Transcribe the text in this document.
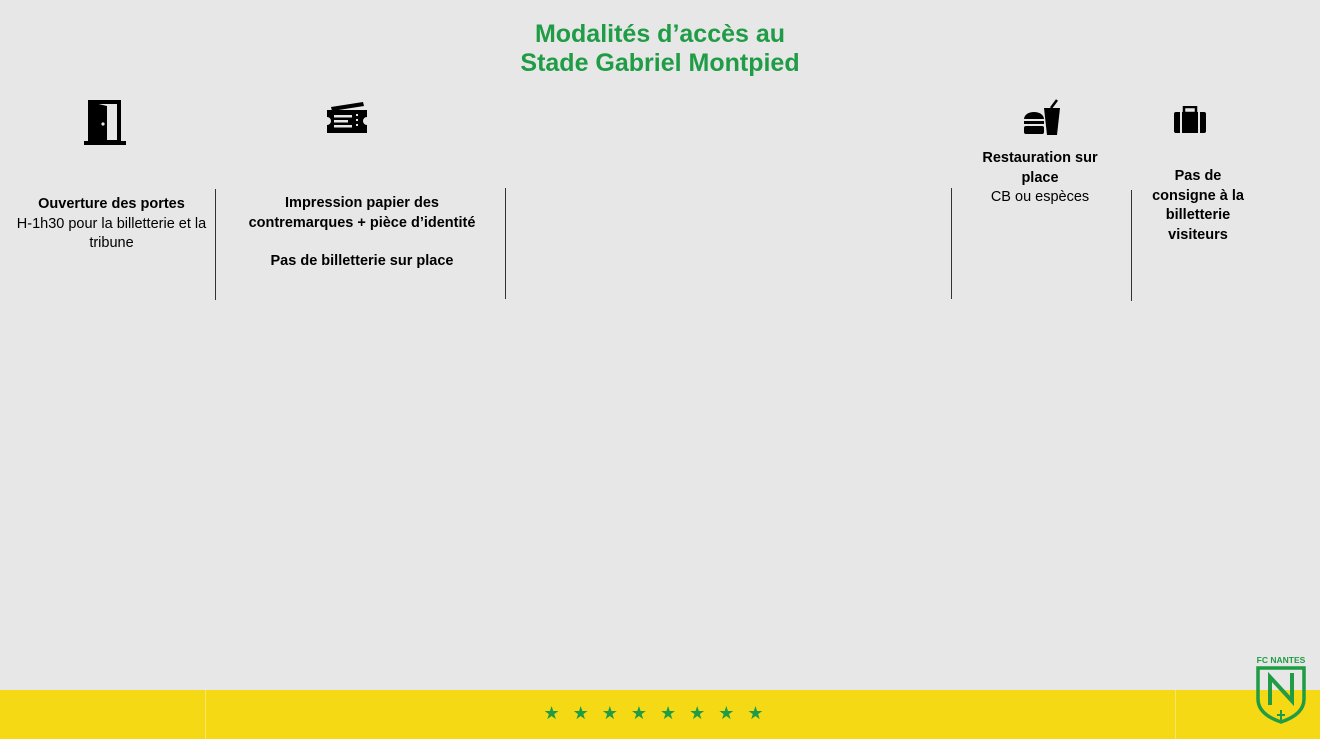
Modalités d’accès au
Stade Gabriel Montpied
Ouverture des portes
H-1h30 pour la billetterie et la
tribune
Impression papier des
contremarques + pièce d’identité
Pas de billetterie sur place
Restauration sur
place
CB ou espèces
Pas de
consigne à la
billetterie
visiteurs
★★★★★★★★
FC NANTES
